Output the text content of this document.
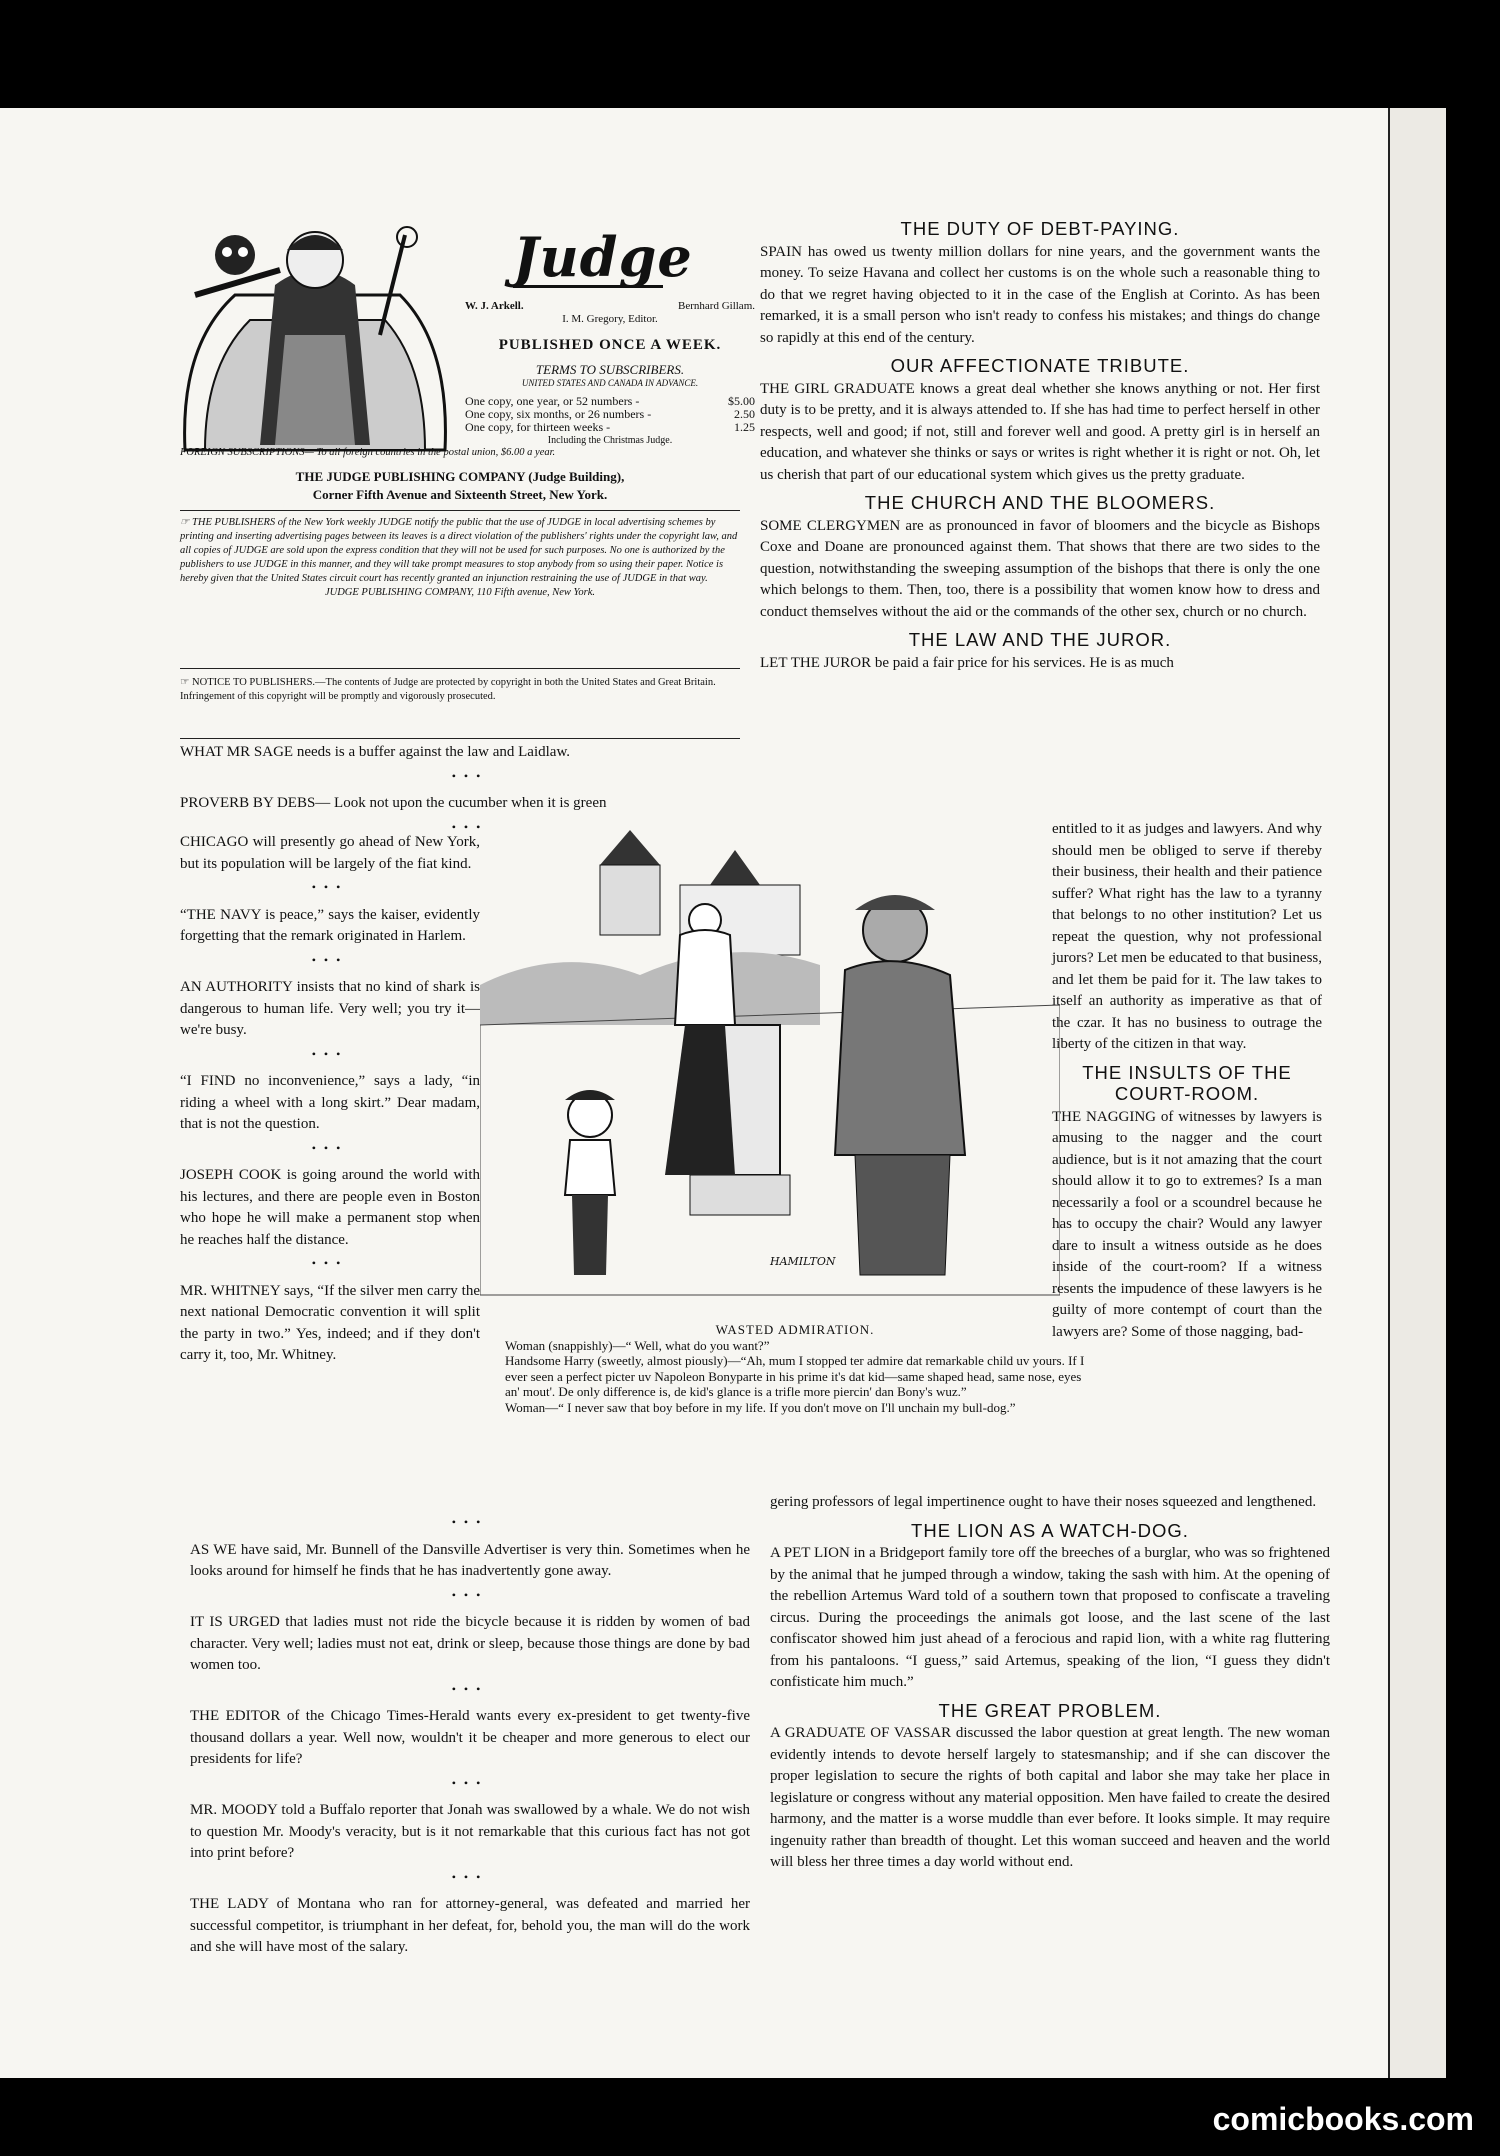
Judge
Bernhard Gillam.
W. J. Arkell.
I. M. Gregory, Editor.
PUBLISHED ONCE A WEEK.
TERMS TO SUBSCRIBERS.
UNITED STATES AND CANADA IN ADVANCE.
$5.00
One copy, one year, or 52 numbers -
2.50
One copy, six months, or 26 numbers -
1.25
One copy, for thirteen weeks -
Including the Christmas Judge.
FOREIGN SUBSCRIPTIONS— To all foreign countries in the postal union, $6.00 a year.
THE JUDGE PUBLISHING COMPANY (Judge Building),
Corner Fifth Avenue and Sixteenth Street, New York.
☞ THE PUBLISHERS of the New York weekly JUDGE notify the public that the use of JUDGE in local advertising schemes by printing and inserting advertising pages between its leaves is a direct violation of the publishers' rights under the copyright law, and all copies of JUDGE are sold upon the express condition that they will not be used for such purposes. No one is authorized by the publishers to use JUDGE in this manner, and they will take prompt measures to stop anybody from so using their paper. Notice is hereby given that the United States circuit court has recently granted an injunction restraining the use of JUDGE in that way.
JUDGE PUBLISHING COMPANY, 110 Fifth avenue, New York.
☞ NOTICE TO PUBLISHERS.—The contents of Judge are protected by copyright in both the United States and Great Britain. Infringement of this copyright will be promptly and vigorously prosecuted.

WHAT MR SAGE needs is a buffer against the law and Laidlaw.

•••

PROVERB BY DEBS— Look not upon the cucumber when it is green

•••

CHICAGO will presently go ahead of New York, but its population will be largely of the fiat kind.

•••

“THE NAVY is peace,” says the kaiser, evidently forgetting that the remark originated in Harlem.

•••

AN AUTHORITY insists that no kind of shark is dangerous to human life. Very well; you try it— we're busy.

•••

“I FIND no inconvenience,” says a lady, “in riding a wheel with a long skirt.” Dear madam, that is not the question.

•••

JOSEPH COOK is going around the world with his lectures, and there are people even in Boston who hope he will make a permanent stop when he reaches half the distance.

•••

MR. WHITNEY says, “If the silver men carry the next national Democratic convention it will split the party in two.” Yes, indeed; and if they don't carry it, too, Mr. Whitney.

•••

AS WE have said, Mr. Bunnell of the Dansville Advertiser is very thin. Sometimes when he looks around for himself he finds that he has inadvertently gone away.

•••

IT IS URGED that ladies must not ride the bicycle because it is ridden by women of bad character. Very well; ladies must not eat, drink or sleep, because those things are done by bad women too.

•••

THE EDITOR of the Chicago Times-Herald wants every ex-president to get twenty-five thousand dollars a year. Well now, wouldn't it be cheaper and more generous to elect our presidents for life?

•••

MR. MOODY told a Buffalo reporter that Jonah was swallowed by a whale. We do not wish to question Mr. Moody's veracity, but is it not remarkable that this curious fact has not got into print before?

•••

THE LADY of Montana who ran for attorney-general, was defeated and married her successful competitor, is triumphant in her defeat, for, behold you, the man will do the work and she will have most of the salary.

THE DUTY OF DEBT-PAYING.

SPAIN has owed us twenty million dollars for nine years, and the government wants the money. To seize Havana and collect her customs is on the whole such a reasonable thing to do that we regret having objected to it in the case of the English at Corinto. As has been remarked, it is a small person who isn't ready to confess his mistakes; and things do change so rapidly at this end of the century.

OUR AFFECTIONATE TRIBUTE.

THE GIRL GRADUATE knows a great deal whether she knows anything or not. Her first duty is to be pretty, and it is always attended to. If she has had time to perfect herself in other respects, well and good; if not, still and forever well and good. A pretty girl is in herself an education, and whatever she thinks or says or writes is right whether it is right or not. Oh, let us cherish that part of our educational system which gives us the pretty graduate.

THE CHURCH AND THE BLOOMERS.

SOME CLERGYMEN are as pronounced in favor of bloomers and the bicycle as Bishops Coxe and Doane are pronounced against them. That shows that there are two sides to the question, notwithstanding the sweeping assumption of the bishops that there is only the one which belongs to them. Then, too, there is a possibility that women know how to dress and conduct themselves without the aid or the commands of the other sex, church or no church.

THE LAW AND THE JUROR.

LET THE JUROR be paid a fair price for his services. He is as much

entitled to it as judges and lawyers. And why should men be obliged to serve if thereby their business, their health and their patience suffer? What right has the law to a tyranny that belongs to no other institution? Let us repeat the question, why not professional jurors? Let men be educated to that business, and let them be paid for it. The law takes to itself an authority as imperative as that of the czar. It has no business to outrage the liberty of the citizen in that way.

THE INSULTS OF THE COURT-ROOM.

THE NAGGING of witnesses by lawyers is amusing to the nagger and the court audience, but is it not amazing that the court should allow it to go to extremes? Is a man necessarily a fool or a scoundrel because he has to occupy the chair? Would any lawyer dare to insult a witness outside as he does inside of the court-room? If a witness resents the impudence of these lawyers is he guilty of more contempt of court than the lawyers are? Some of those nagging, bad-

gering professors of legal impertinence ought to have their noses squeezed and lengthened.

THE LION AS A WATCH-DOG.

A PET LION in a Bridgeport family tore off the breeches of a burglar, who was so frightened by the animal that he jumped through a window, taking the sash with him. At the opening of the rebellion Artemus Ward told of a southern town that proposed to confiscate a traveling circus. During the proceedings the animals got loose, and the last scene of the last confiscator showed him just ahead of a ferocious and rapid lion, with a white rag fluttering from his pantaloons. “I guess,” said Artemus, speaking of the lion, “I guess they didn't confisticate him much.”

THE GREAT PROBLEM.

A GRADUATE OF VASSAR discussed the labor question at great length. The new woman evidently intends to devote herself largely to statesmanship; and if she can discover the proper legislation to secure the rights of both capital and labor she may take her place in legislature or congress without any material opposition. Men have failed to create the desired harmony, and the matter is a worse muddle than ever before. It looks simple. It may require ingenuity rather than breadth of thought. Let this woman succeed and heaven and the world will bless her three times a day world without end.

HAMILTON
WASTED ADMIRATION.
Woman (snappishly)—“ Well, what do you want?”
Handsome Harry (sweetly, almost piously)—“Ah, mum I stopped ter admire dat remarkable child uv yours. If I ever seen a perfect picter uv Napoleon Bonyparte in his prime it's dat kid—same shaped head, same nose, eyes an' mout'. De only difference is, de kid's glance is a trifle more piercin' dan Bony's wuz.”
Woman—“ I never saw that boy before in my life. If you don't move on I'll unchain my bull-dog.”
comicbooks.com
